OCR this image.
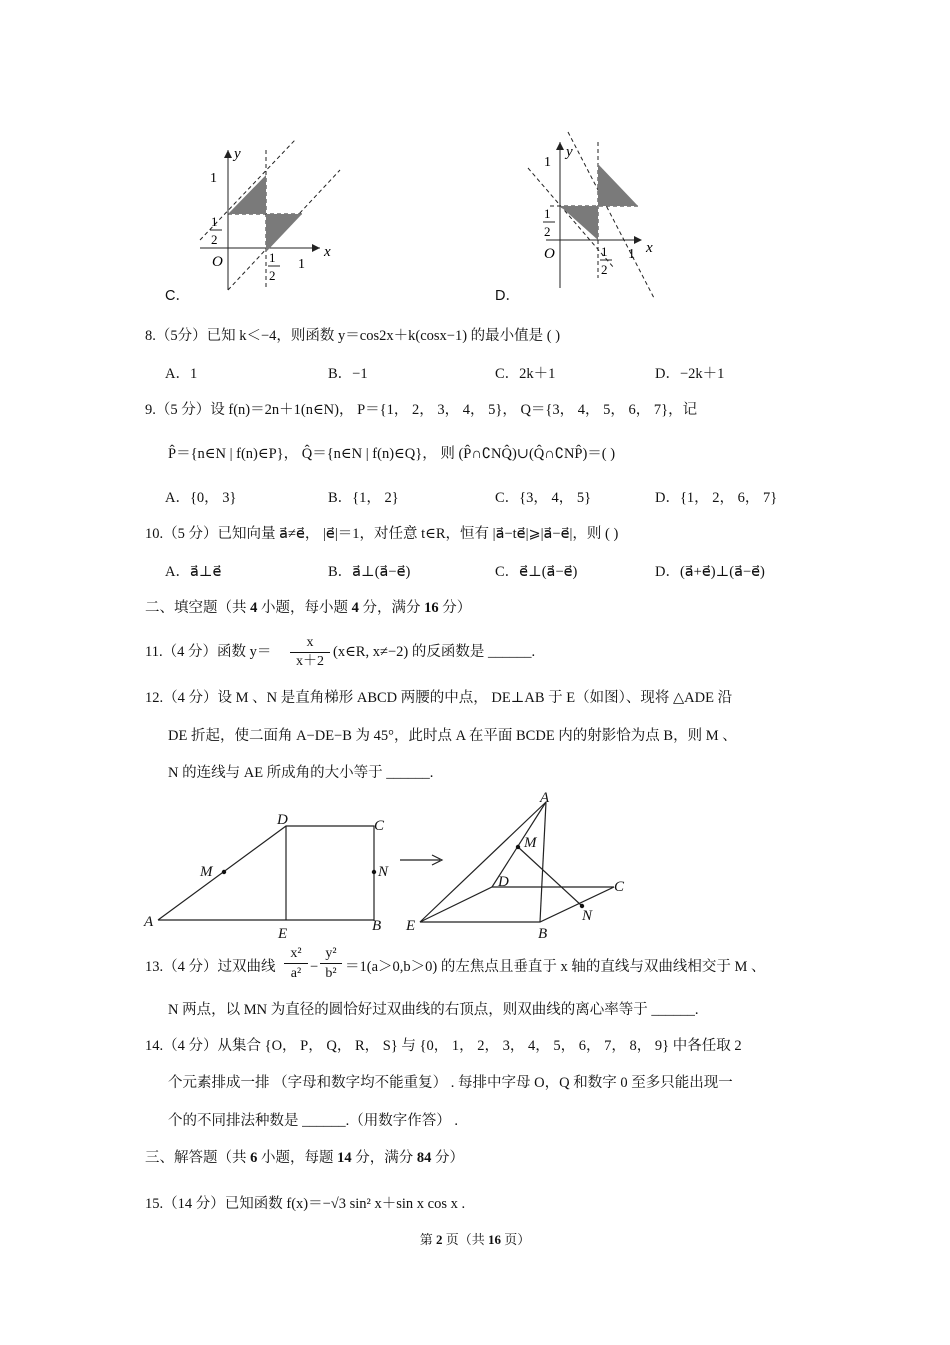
y
x
1
1
2
O	1
2
1
C．
y
x
1
1
2
O	1
2
1
D．
8.（5分）已知 k＜−4，则函数 y＝cos2x＋k(cosx−1) 的最小值是 ( )
A．1	B．−1	C．2k＋1	D．−2k＋1
9.（5 分）设 f(n)＝2n＋1(n∈N)， P＝{1， 2， 3， 4， 5}， Q＝{3， 4， 5， 6， 7}，记
P̂＝{n∈N | f(n)∈P}， Q̂＝{n∈N | f(n)∈Q}， 则 (P̂∩∁NQ̂)∪(Q̂∩∁NP̂)＝( )
A．{0， 3}	B．{1， 2}	C．{3， 4， 5}	D．{1， 2， 6， 7}
10.（5 分）已知向量 a⃗≠e⃗， |e⃗|＝1，对任意 t∈R，恒有 |a⃗−te⃗|⩾|a⃗−e⃗|，则 ( )
A．a⃗⊥e⃗	B．a⃗⊥(a⃗−e⃗)	C．e⃗⊥(a⃗−e⃗)	D．(a⃗+e⃗)⊥(a⃗−e⃗)
二、填空题（共 4 小题，每小题 4 分，满分 16 分）
11.（4 分）函数 $y= \frac{x}{x+2}$ (x∈R, x≠−2) 的反函数是 ______.
12.（4 分）设 M 、N 是直角梯形 ABCD 两腰的中点， DE⊥AB 于 E（如图）、现将 △ADE 沿
DE 折起，使二面角 A−DE−B 为 45°，此时点 A 在平面 BCDE 内的射影恰为点 B，则 M 、
N 的连线与 AE 所成角的大小等于 ______.
A	B
C
D
E
M	N
A
B
C
D
E
M
N
13.（4 分）过双曲线
x²
a² −
y²
b² ＝1(a＞0,b＞0) 的左焦点且垂直于 x 轴的直线与双曲线相交于 M 、
N 两点，以 MN 为直径的圆恰好过双曲线的右顶点，则双曲线的离心率等于 ______.
14.（4 分）从集合 {O， P， Q， R， S} 与 {0， 1， 2， 3， 4， 5， 6， 7， 8， 9} 中各任取 2
个元素排成一排 （字母和数字均不能重复） . 每排中字母 O，Q 和数字 0 至多只能出现一
个的不同排法种数是 ______.（用数字作答） .
三、解答题（共 6 小题，每题 14 分，满分 84 分）
15.（14 分）已知函数 f(x)＝−√3 sin² x＋sin x cos x .
第 2 页（共 16 页）
